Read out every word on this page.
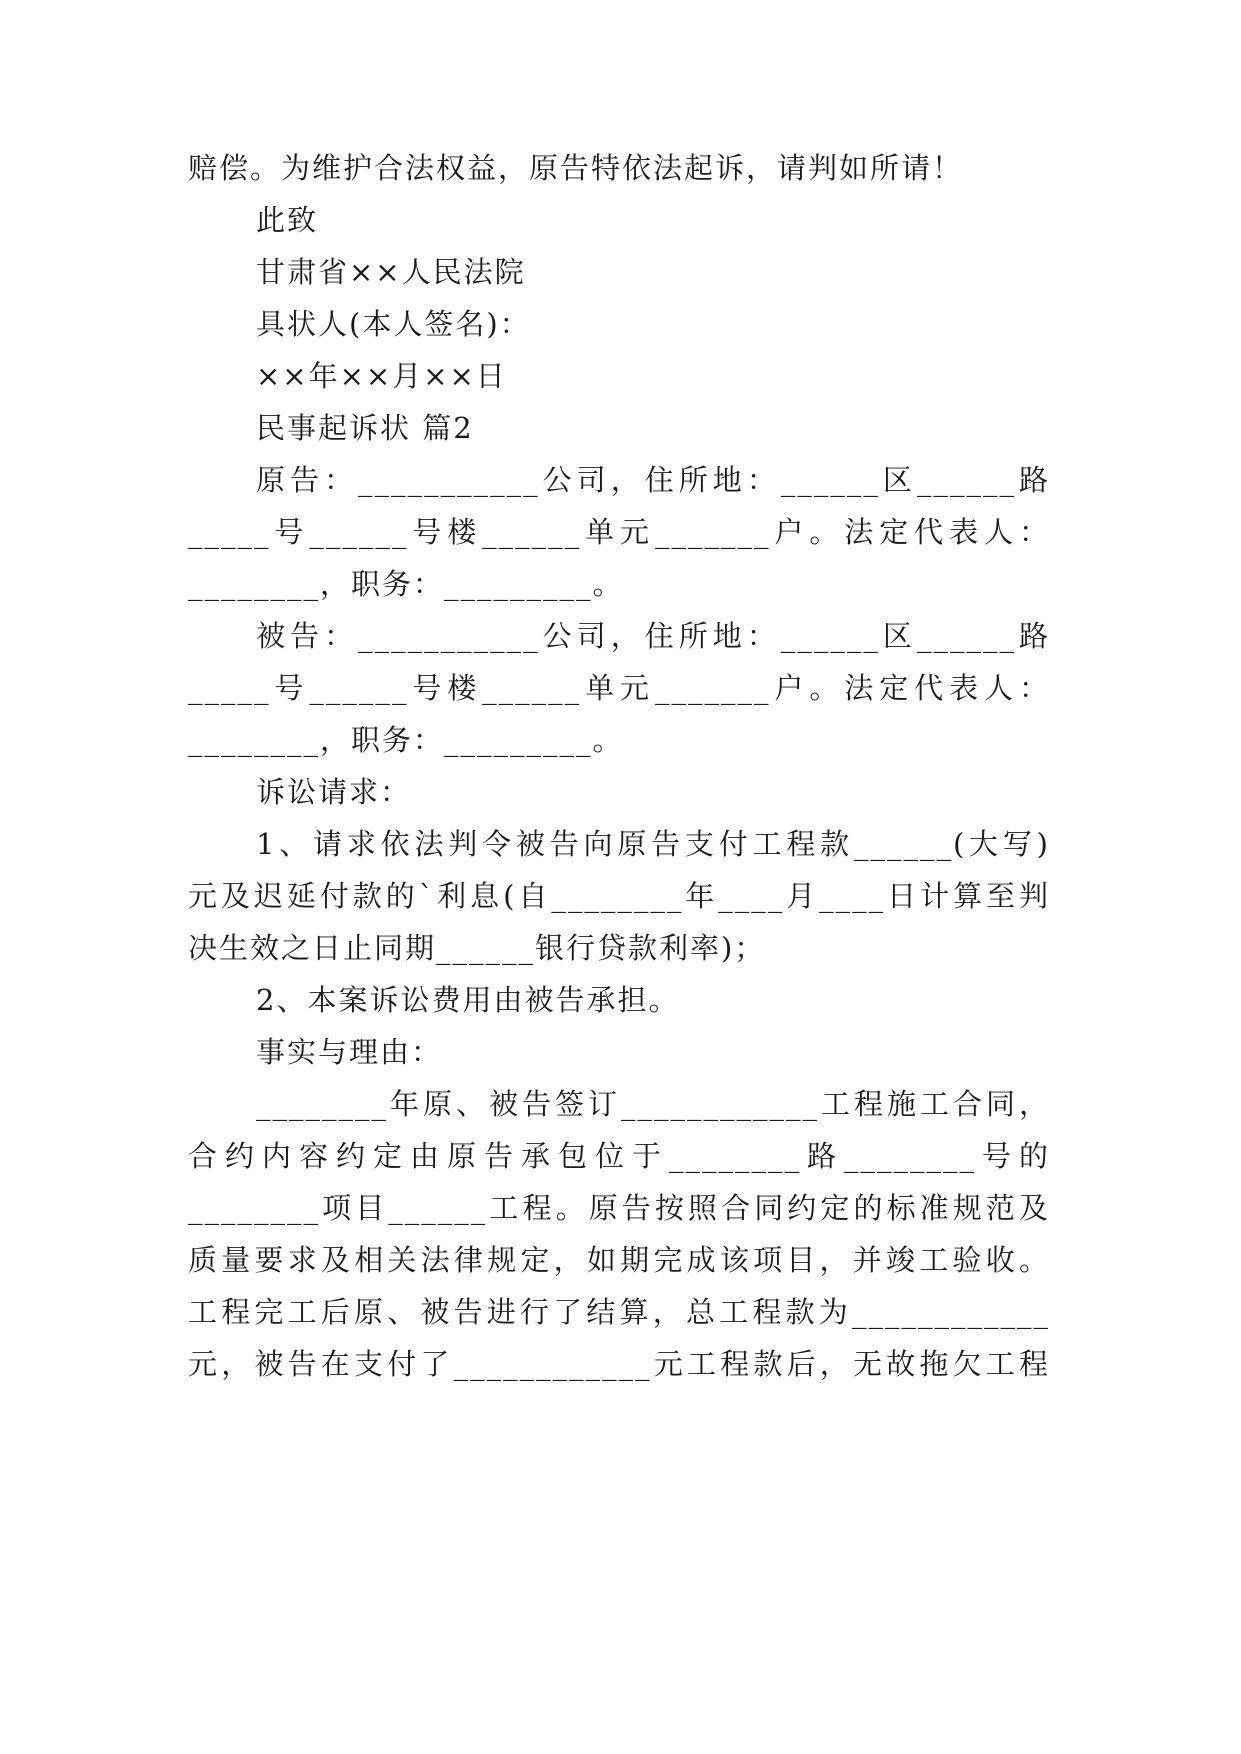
赔偿。为维护合法权益，原告特依法起诉，请判如所请！
此致
甘肃省××人民法院
具状人(本人签名)：
××年××月××日
民事起诉状 篇2
原告：___________公司，住所地：______区______路
_____号______号楼______单元_______户。法定代表人：
________，职务：_________。
被告：___________公司，住所地：______区______路
_____号______号楼______单元_______户。法定代表人：
________，职务：_________。
诉讼请求：
1、请求依法判令被告向原告支付工程款______(大写)
元及迟延付款的`利息(自________年____月____日计算至判
决生效之日止同期______银行贷款利率)；
2、本案诉讼费用由被告承担。
事实与理由：
________年原、被告签订____________工程施工合同，
合约内容约定由原告承包位于________路________号的
________项目______工程。原告按照合同约定的标准规范及
质量要求及相关法律规定，如期完成该项目，并竣工验收。
工程完工后原、被告进行了结算，总工程款为____________
元，被告在支付了____________元工程款后，无故拖欠工程
